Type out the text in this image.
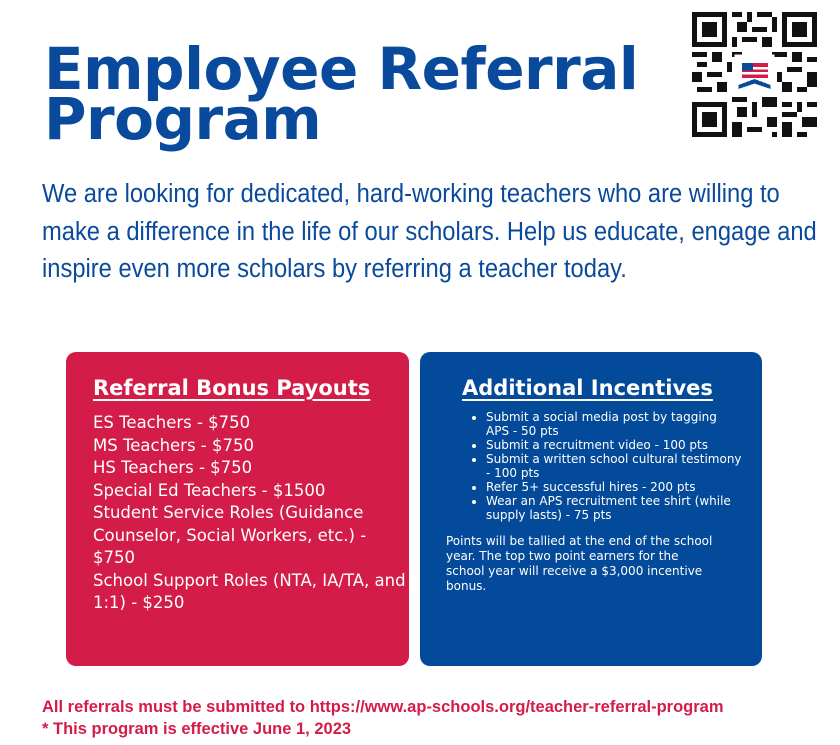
Employee Referral
Program

We are looking for dedicated, hard-working teachers who are willing to make a difference in the life of our scholars. Help us educate, engage and inspire even more scholars by referring a teacher today.

Referral Bonus Payouts
ES Teachers - $750
MS Teachers - $750
HS Teachers - $750
Special Ed Teachers - $1500
Student Service Roles (Guidance Counselor, Social Workers, etc.) - $750
School Support Roles (NTA, IA/TA, and 1:1) - $250
Additional Incentives
• Submit a social media post by tagging APS - 50 pts
• Submit a recruitment video - 100 pts
• Submit a written school cultural testimony - 100 pts
• Refer 5+ successful hires - 200 pts
• Wear an APS recruitment tee shirt (while supply lasts) - 75 pts

Points will be tallied at the end of the school year. The top two point earners for the school year will receive a $3,000 incentive bonus.

All referrals must be submitted to https://www.ap-schools.org/teacher-referral-program
* This program is effective June 1, 2023
